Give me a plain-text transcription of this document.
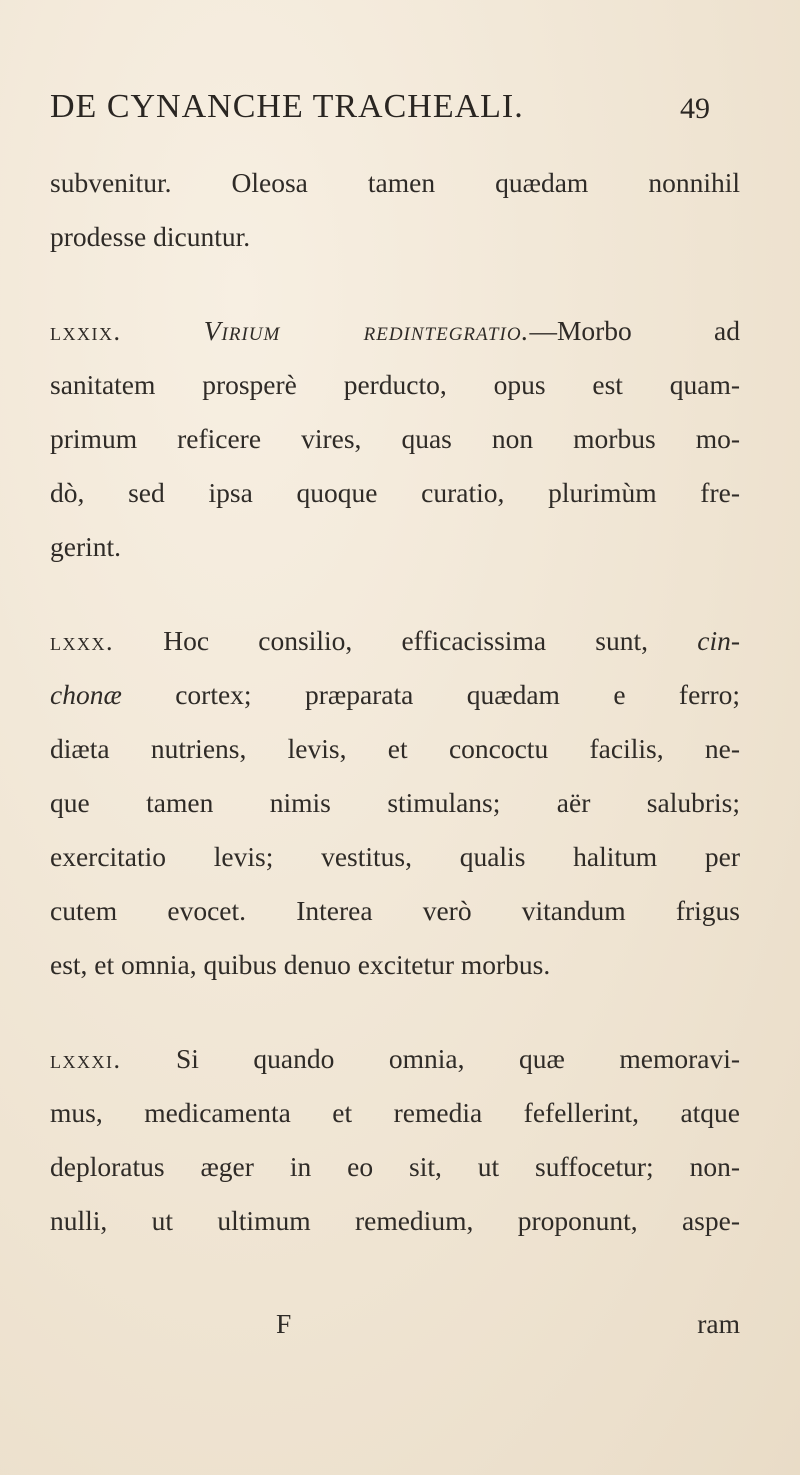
DE CYNANCHE TRACHEALI.	49
subvenitur. Oleosa tamen quædam nonnihil
prodesse dicuntur.
lxxix.	Virium redintegratio.—Morbo ad
sanitatem prosperè perducto, opus est quam-
primum reficere vires, quas non morbus mo-
dò, sed ipsa quoque curatio, plurimùm fre-
gerint.
lxxx. Hoc consilio, efficacissima sunt, cin-
chonæ cortex; præparata quædam e ferro;
diæta nutriens, levis, et concoctu facilis, ne-
que tamen nimis stimulans; aër salubris;
exercitatio levis; vestitus, qualis halitum per
cutem evocet. Interea verò vitandum frigus
est, et omnia, quibus denuo excitetur morbus.
lxxxi. Si quando omnia, quæ memoravi-
mus, medicamenta et remedia fefellerint, atque
deploratus æger in eo sit, ut suffocetur; non-
nulli, ut ultimum remedium, proponunt, aspe-
F	ram
